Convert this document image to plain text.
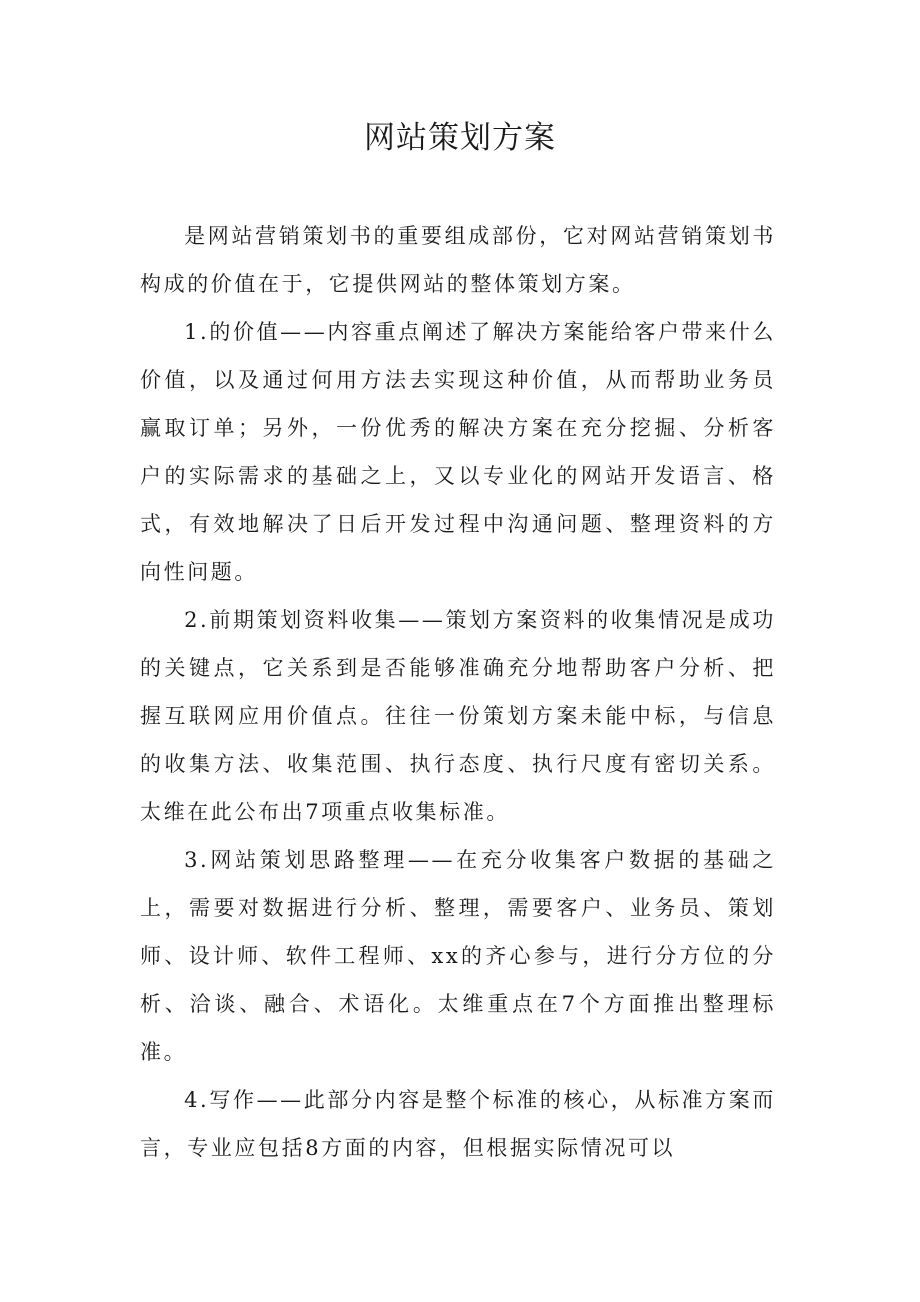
网站策划方案

是网站营销策划书的重要组成部份，它对网站营销策划书构成的价值在于，它提供网站的整体策划方案。

1.的价值——内容重点阐述了解决方案能给客户带来什么价值，以及通过何用方法去实现这种价值，从而帮助业务员赢取订单；另外，一份优秀的解决方案在充分挖掘、分析客户的实际需求的基础之上，又以专业化的网站开发语言、格式，有效地解决了日后开发过程中沟通问题、整理资料的方向性问题。

2.前期策划资料收集——策划方案资料的收集情况是成功的关键点，它关系到是否能够准确充分地帮助客户分析、把握互联网应用价值点。往往一份策划方案未能中标，与信息的收集方法、收集范围、执行态度、执行尺度有密切关系。太维在此公布出7项重点收集标准。

3.网站策划思路整理——在充分收集客户数据的基础之上，需要对数据进行分析、整理，需要客户、业务员、策划师、设计师、软件工程师、xx的齐心参与，进行分方位的分析、洽谈、融合、术语化。太维重点在7个方面推出整理标准。

4.写作——此部分内容是整个标准的核心，从标准方案而言，专业应包括8方面的内容，但根据实际情况可以
